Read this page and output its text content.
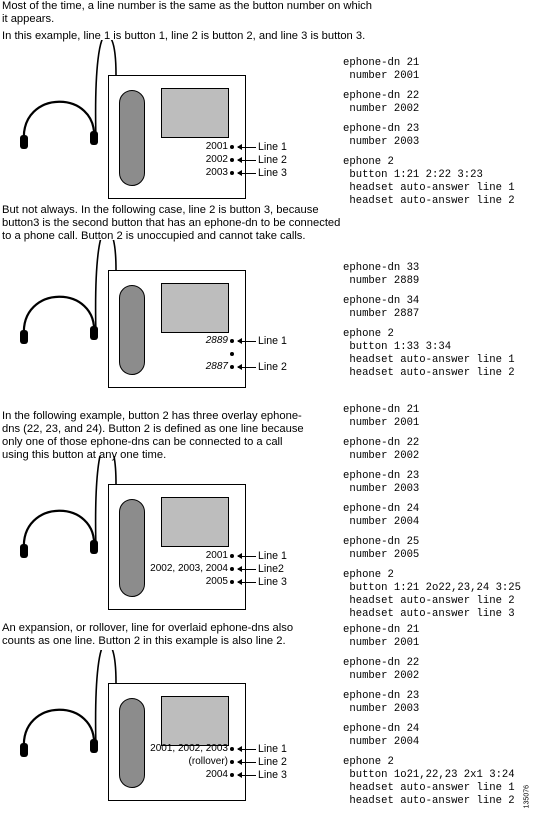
Most of the time, a line number is the same as the button number on which
it appears.
In this example, line 1 is button 1, line 2 is button 2, and line 3 is button 3.

But not always. In the following case, line 2 is button 3, because
button3 is the second button that has an ephone-dn to be connected
to a phone call. Button 2 is unoccupied and cannot take calls.

In the following example, button 2 has three overlay ephone-
dns (22, 23, and 24). Button 2 is defined as one line because
only one of those ephone-dns can be connected to a call
using this button at any one time.

An expansion, or rollover, line for overlaid ephone-dns also
counts as one line. Button 2 in this example is also line 2.

2001	Line 1
2002	Line 2
2003	Line 3
2889	Line 1
2887	Line 2
2001	Line 1
2002, 2003, 2004	Line2
2005	Line 3
2001, 2002, 2003	Line 1
(rollover)	Line 2
2004	Line 3
ephone-dn 21
number 2001
ephone-dn 22
number 2002
ephone-dn 23
number 2003
ephone 2
button 1:21 2:22 3:23
headset auto-answer line 1
headset auto-answer line 2
ephone-dn 33
number 2889
ephone-dn 34
number 2887
ephone 2
button 1:33 3:34
headset auto-answer line 1
headset auto-answer line 2
ephone-dn 21
number 2001
ephone-dn 22
number 2002
ephone-dn 23
number 2003
ephone-dn 24
number 2004
ephone-dn 25
number 2005
ephone 2
button 1:21 2o22,23,24 3:25
headset auto-answer line 2
headset auto-answer line 3
ephone-dn 21
number 2001
ephone-dn 22
number 2002
ephone-dn 23
number 2003
ephone-dn 24
number 2004
ephone 2
button 1o21,22,23 2x1 3:24
headset auto-answer line 1
headset auto-answer line 2 135076
